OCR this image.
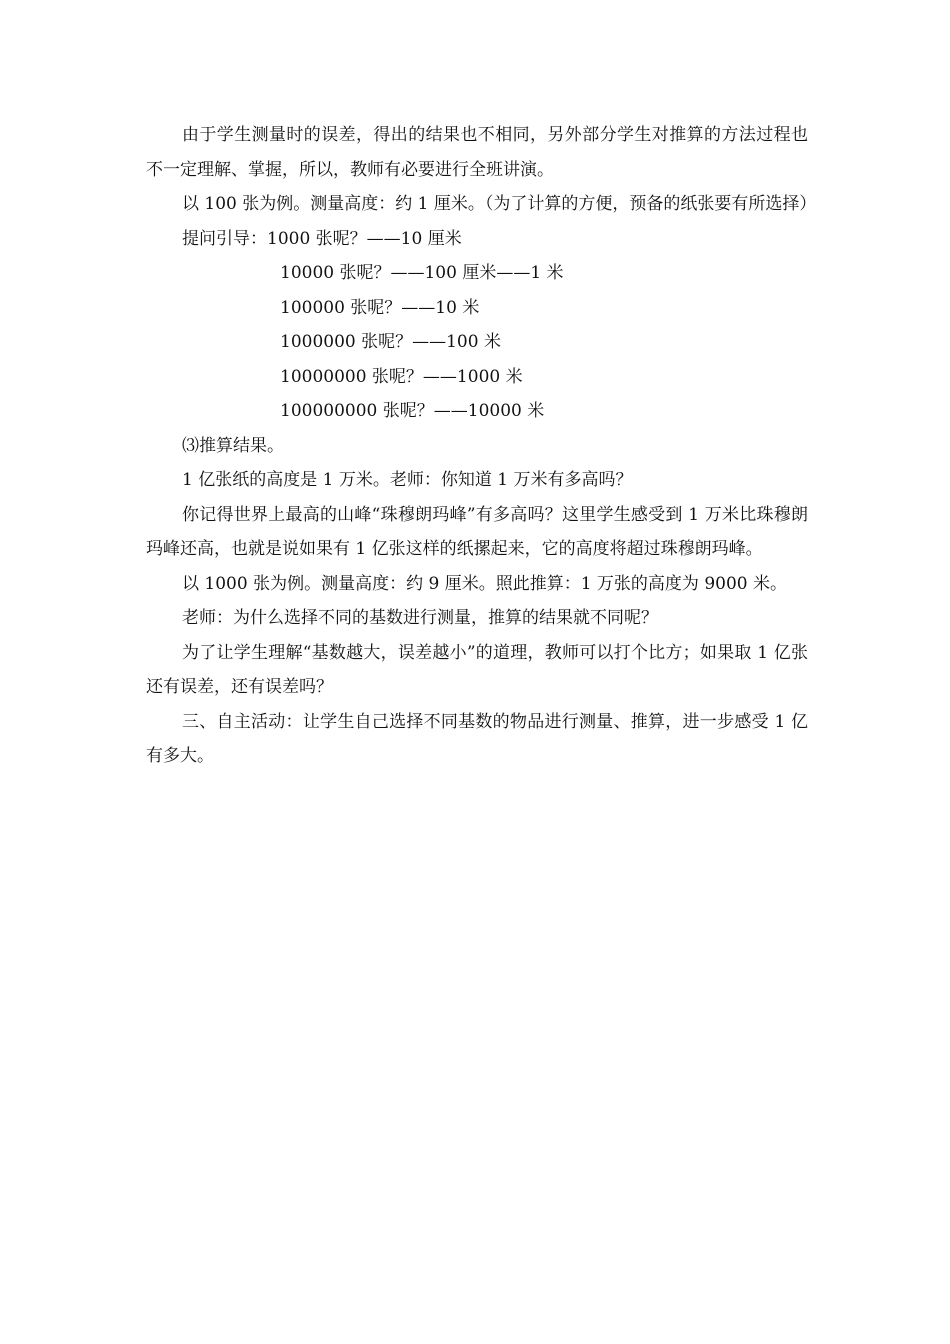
由于学生测量时的误差，得出的结果也不相同，另外部分学生对推算的方法过程也不一定理解、掌握，所以，教师有必要进行全班讲演。

以 100 张为例。测量高度：约 1 厘米。（为了计算的方便，预备的纸张要有所选择）

提问引导：1000 张呢？——10 厘米
10000 张呢？——100 厘米——1 米
100000 张呢？——10 米
1000000 张呢？——100 米
10000000 张呢？——1000 米
100000000 张呢？——10000 米

⑶推算结果。

1 亿张纸的高度是 1 万米。老师：你知道 1 万米有多高吗？

你记得世界上最高的山峰“珠穆朗玛峰”有多高吗？这里学生感受到 1 万米比珠穆朗玛峰还高，也就是说如果有 1 亿张这样的纸摞起来，它的高度将超过珠穆朗玛峰。

以 1000 张为例。测量高度：约 9 厘米。照此推算：1 万张的高度为 9000 米。

老师：为什么选择不同的基数进行测量，推算的结果就不同呢？

为了让学生理解“基数越大，误差越小”的道理，教师可以打个比方；如果取 1 亿张还有误差，还有误差吗？

三、自主活动：让学生自己选择不同基数的物品进行测量、推算，进一步感受 1 亿有多大。
